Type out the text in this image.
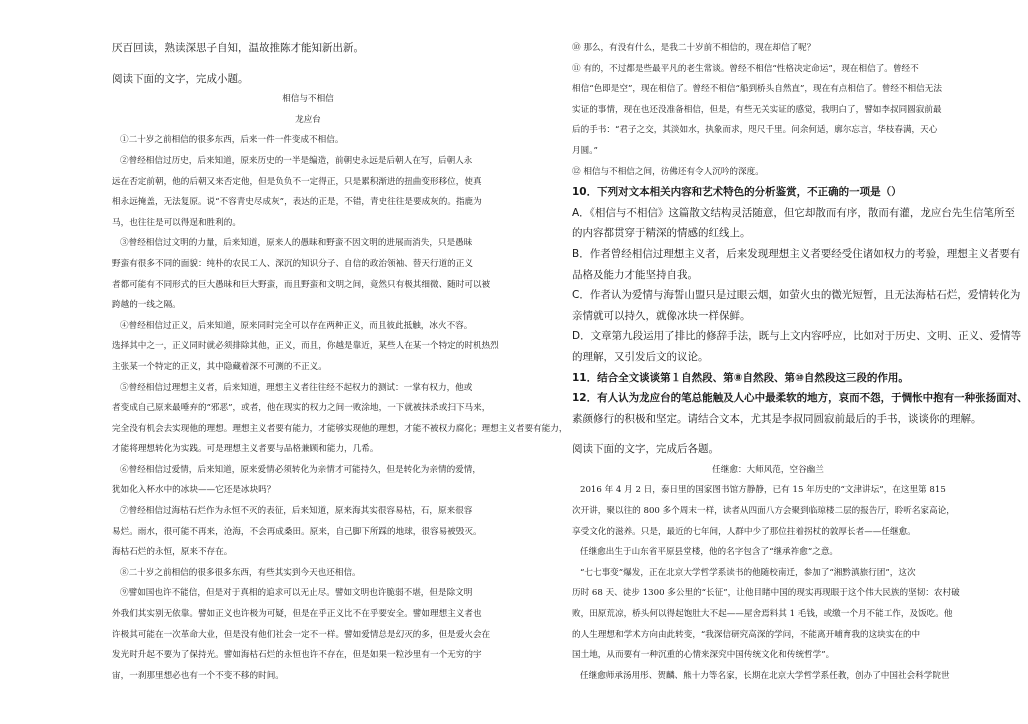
厌百回读，熟读深思子自知，温故推陈才能知新出新。
阅读下面的文字，完成小题。
相信与不相信
龙应台
①二十岁之前相信的很多东西，后来一件一件变成不相信。
②曾经相信过历史，后来知道，原来历史的一半是编造，前朝史永远是后朝人在写，后朝人永
远在否定前朝，他的后朝又来否定他，但是负负不一定得正，只是累积渐进的扭曲变形移位，使真
相永远掩盖，无法复原。说“不容青史尽成灰”，表达的正是，不错，青史往往是要成灰的。指鹿为
马，也往往是可以得逞和胜利的。
③曾经相信过文明的力量，后来知道，原来人的愚昧和野蛮不因文明的进展而消失，只是愚昧
野蛮有很多不同的面貌：纯朴的农民工人、深沉的知识分子、自信的政治领袖、替天行道的正义
者都可能有不同形式的巨大愚昧和巨大野蛮，而且野蛮和文明之间，竟然只有极其细微、随时可以被
跨越的一线之隔。
④曾经相信过正义，后来知道，原来同时完全可以存在两种正义，而且彼此抵触，冰火不容。
选择其中之一，正义同时就必须排除其他，正义，而且，你越是靠近，某些人在某一个特定的时机热烈
主张某一个特定的正义，其中隐藏着深不可测的不正义。
⑤曾经相信过理想主义者，后来知道，理想主义者往往经不起权力的测试：一掌有权力，他或
者变成自己原来最唾弃的“邪恶”，或者，他在现实的权力之间一败涂地，一下就被抹杀或扫下马来，
完全没有机会去实现他的理想。理想主义者要有能力，才能够实现他的理想，才能不被权力腐化；理想主义者要有能力，
才能将理想转化为实践。可是理想主义者要与品格兼顾和能力，几希。
⑥曾经相信过爱情，后来知道，原来爱情必须转化为亲情才可能持久，但是转化为亲情的爱情，
犹如化入杯水中的冰块——它还是冰块吗？
⑦曾经相信过海枯石烂作为永恒不灭的表征，后来知道，原来海其实很容易枯，石，原来很容
易烂。雨水，很可能不再来，沧海，不会再成桑田。原来，自己脚下所踩的地球，很容易被毁灭。
海枯石烂的永恒，原来不存在。
⑧二十岁之前相信的很多很多东西，有些其实到今天也还相信。
⑨譬如国也许不能信，但是对于真相的追求可以无止尽。譬如文明也许脆弱不堪，但是除文明
外我们其实别无依靠。譬如正义也许极为可疑，但是在乎正义比不在乎要安全。譬如理想主义者也
许极其可能在一次革命大业，但是没有他们社会一定不一样。譬如爱情总是幻灭的多，但是爱火会在
发光时升起不要为了保持光。譬如海枯石烂的永恒也许不存在，但是如果一粒沙里有一个无穷的宇
宙，一刹那里想必也有一个不变不移的时间。
⑩ 那么，有没有什么，是我二十岁前不相信的，现在却信了呢？
⑪ 有的，不过都是些最平凡的老生常谈。曾经不相信“性格决定命运”，现在相信了。曾经不
相信“色即是空”，现在相信了。曾经不相信“船到桥头自然直”，现在有点相信了。曾经不相信无法
实证的事情，现在也还没准备相信，但是，有些无关实证的感觉，我明白了，譬如李叔同圆寂前最
后的手书：“君子之交，其淡如水，执象而求，咫尺千里。问余何适，廓尔忘言，华枝春满，天心
月圆。”
⑫ 相信与不相信之间，彷佛还有令人沉吟的深度。
10．下列对文本相关内容和艺术特色的分析鉴赏，不正确的一项是（）
A．《相信与不相信》这篇散文结构灵活随意，但它却散而有序，散而有灌，龙应台先生信笔所至
的内容都贯穿于精深的情感的红线上。
B．作者曾经相信过理想主义者，后来发现理想主义者要经受住诸如权力的考验，理想主义者要有
品格及能力才能坚持自我。
C．作者认为爱情与海誓山盟只是过眼云烟，如萤火虫的微光短暂，且无法海枯石烂，爱情转化为
亲情就可以持久，就像冰块一样保鲜。
D．文章第九段运用了排比的修辞手法，既与上文内容呼应，比如对于历史、文明、正义、爱情等
的理解，又引发后文的议论。
11．结合全文谈谈第１自然段、第⑧自然段、第⑩自然段这三段的作用。
12．有人认为龙应台的笔总能触及人心中最柔软的地方，哀而不怨，于惆怅中抱有一种张扬面对、
素颜修行的积极和坚定。请结合文本，尤其是李叔同圆寂前最后的手书，谈谈你的理解。
阅读下面的文字，完成后各题。
任继愈：大师风范，空谷幽兰
2016 年 4 月 2 日，泰日里的国家图书馆方静静，已有 15 年历史的“文津讲坛”，在这里第 815
次开讲，聚以往的 800 多个周末一样，读者从四面八方会聚到临琼楼二层的报告厅，聆听名家高论，
享受文化的滋养。只是，最近的七年间，人群中少了那位拄着拐杖的敦厚长者——任继愈。
任继愈出生于山东省平原县堂楼，他的名字包含了“继承祚愈”之意。
“七七事变”爆发，正在北京大学哲学系读书的他随校南迁，参加了“湘黔滇旅行团”，这次
历时 68 天、徒步 1300 多公里的“长征”，让他目睹中国的现实再现眼于这个伟大民族的坚韧：农村破
败，田原荒凉，桥头何以得起饱肚大不起——屋舍焉料其 1 毛钱，或缴一个月不能工作，及饭吃。他
的人生理想和学术方向由此转变，“我深信研究高深的学问，不能离开哺育我的这块实在的中
国土地，从而要有一种沉重的心情来深究中国传统文化和传统哲学”。
任继愈师承汤用彤、贺麟、熊十力等名家，长期在北京大学哲学系任教，创办了中国社会科学院世
